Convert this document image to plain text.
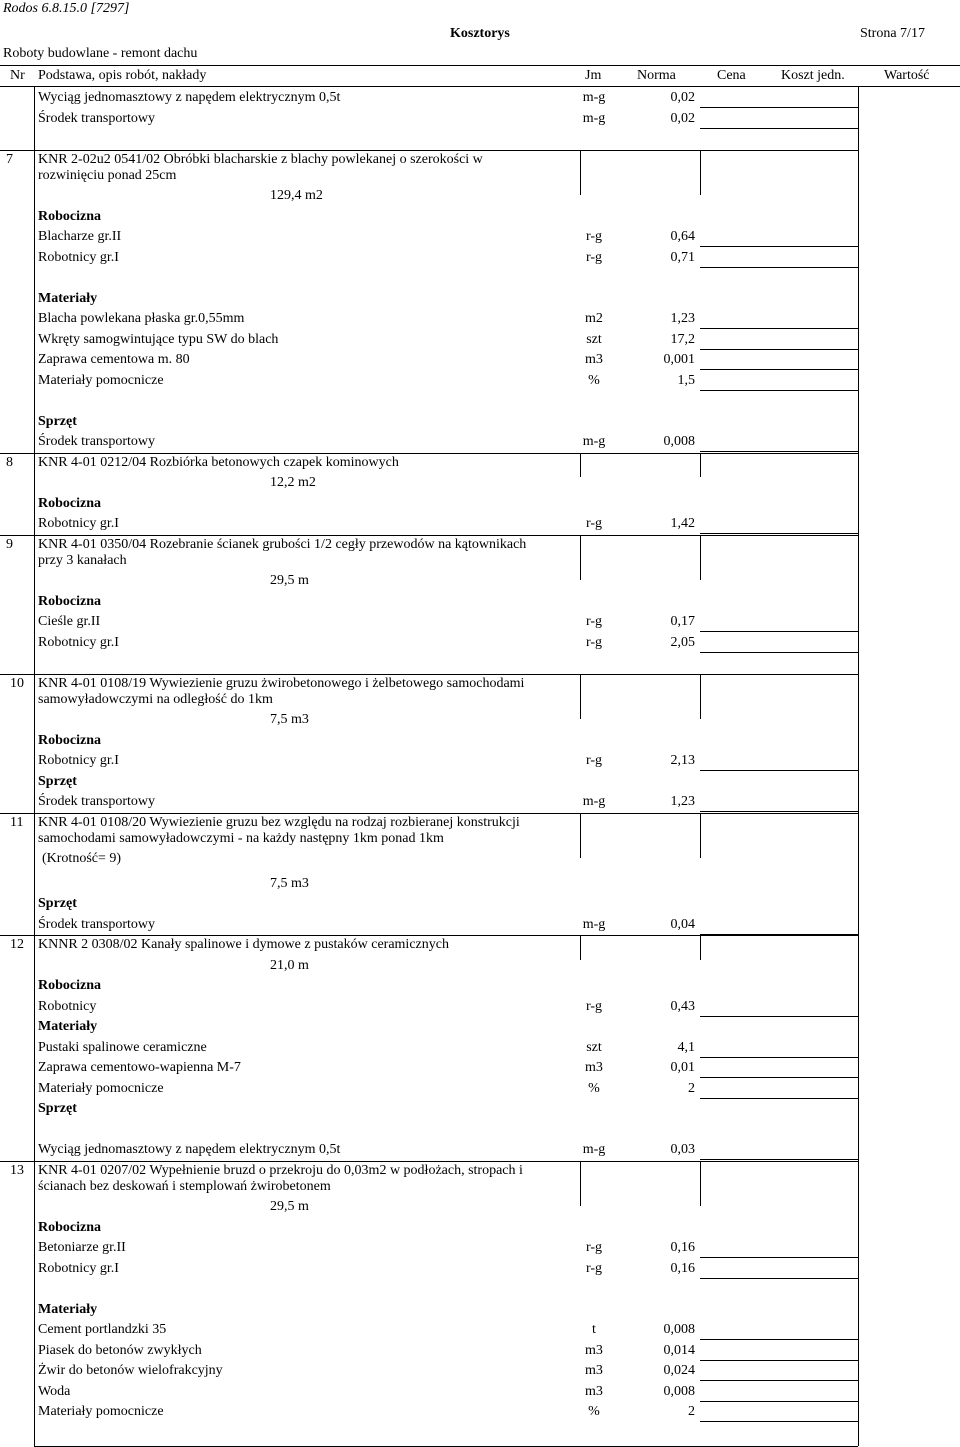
Rodos 6.8.15.0 [7297]
Kosztorys	Strona 7/17
Roboty budowlane - remont dachu
Nr Podstawa, opis robót, nakłady	Jm	Norma	Cena	Koszt jedn.	Wartość
Wyciąg jednomasztowy z napędem elektrycznym 0,5t	m-g	0,02
Środek transportowy	m-g	0,02
7 KNR 2-02u2 0541/02 Obróbki blacharskie z blachy powlekanej o szerokości w
rozwinięciu ponad 25cm
129,4 m2
Robocizna
Blacharze gr.II	r-g	0,64
Robotnicy gr.I	r-g	0,71
Materiały
Blacha powlekana płaska gr.0,55mm	m2	1,23
Wkręty samogwintujące typu SW do blach	szt	17,2
Zaprawa cementowa m. 80	m3	0,001
Materiały pomocnicze	%	1,5
Sprzęt
Środek transportowy	m-g	0,008
8 KNR 4-01 0212/04 Rozbiórka betonowych czapek kominowych
12,2 m2
Robocizna
Robotnicy gr.I	r-g	1,42
9 KNR 4-01 0350/04 Rozebranie ścianek grubości 1/2 cegły przewodów na kątownikach
przy 3 kanałach
29,5 m
Robocizna
Cieśle gr.II	r-g	0,17
Robotnicy gr.I	r-g	2,05
10 KNR 4-01 0108/19 Wywiezienie gruzu żwirobetonowego i żelbetowego samochodami
samowyładowczymi na odległość do 1km
7,5 m3
Robocizna
Robotnicy gr.I	r-g	2,13
Sprzęt
Środek transportowy	m-g	1,23
11 KNR 4-01 0108/20 Wywiezienie gruzu bez względu na rodzaj rozbieranej konstrukcji
samochodami samowyładowczymi - na każdy następny 1km ponad 1km
(Krotność= 9)
7,5 m3
Sprzęt
Środek transportowy	m-g	0,04
12 KNNR 2 0308/02 Kanały spalinowe i dymowe z pustaków ceramicznych
21,0 m
Robocizna
Robotnicy	r-g	0,43
Materiały
Pustaki spalinowe ceramiczne	szt	4,1
Zaprawa cementowo-wapienna M-7	m3	0,01
Materiały pomocnicze	%	2
Sprzęt
Wyciąg jednomasztowy z napędem elektrycznym 0,5t	m-g	0,03
13 KNR 4-01 0207/02 Wypełnienie bruzd o przekroju do 0,03m2 w podłożach, stropach i
ścianach bez deskowań i stemplowań żwirobetonem
29,5 m
Robocizna
Betoniarze gr.II	r-g	0,16
Robotnicy gr.I	r-g	0,16
Materiały
Cement portlandzki 35	t	0,008
Piasek do betonów zwykłych	m3	0,014
Żwir do betonów wielofrakcyjny	m3	0,024
Woda	m3	0,008
Materiały pomocnicze	%	2
